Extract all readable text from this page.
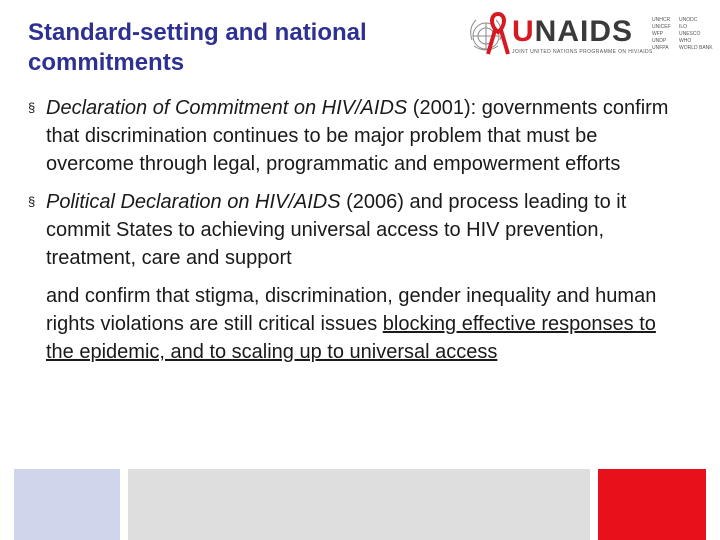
Standard-setting and national commitments
UNAIDS
JOINT UNITED NATIONS PROGRAMME ON HIV/AIDS
UNHCR
UNICEF
WFP
UNDP
UNFPA
UNODC
ILO
UNESCO
WHO
WORLD BANK
§ Declaration of Commitment on HIV/AIDS (2001): governments confirm that discrimination continues to be major problem that must be overcome through legal, programmatic and empowerment efforts
§ Political Declaration on HIV/AIDS (2006) and process leading to it commit States to achieving universal access to HIV prevention, treatment, care and support
and confirm that stigma, discrimination, gender inequality and human rights violations are still critical issues blocking effective responses to the epidemic, and to scaling up to universal access
